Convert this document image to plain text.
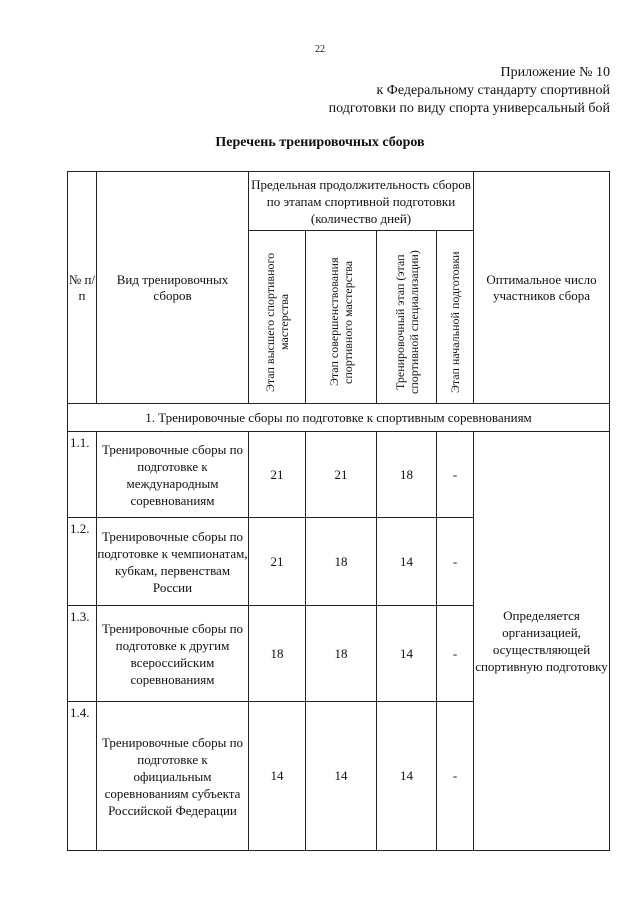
22
Приложение № 10
к Федеральному стандарту спортивной
подготовки по виду спорта универсальный бой
Перечень тренировочных сборов
№ п/п	Вид тренировочных сборов	Предельная продолжительность сборов по этапам спортивной подготовки (количество дней)				Оптимальное число участников сбора

		Этап высшего спортивного мастерства	Этап совершенствования спортивного мастерства	Тренировочный этап (этап спортивной специализации)	Этап начальной подготовки	

1. Тренировочные сборы по подготовке к спортивным соревнованиям						
1.1.	Тренировочные сборы по подготовке к международным соревнованиям	21	21	18	-	Определяется организацией, осуществляющей спортивную подготовку
1.2.	Тренировочные сборы по подготовке к чемпионатам, кубкам, первенствам России	21	18	14	-	
1.3.	Тренировочные сборы по подготовке к другим всероссийским соревнованиям	18	18	14	-	
1.4.	Тренировочные сборы по подготовке к официальным соревнованиям субъекта Российской Федерации	14	14	14	-	
